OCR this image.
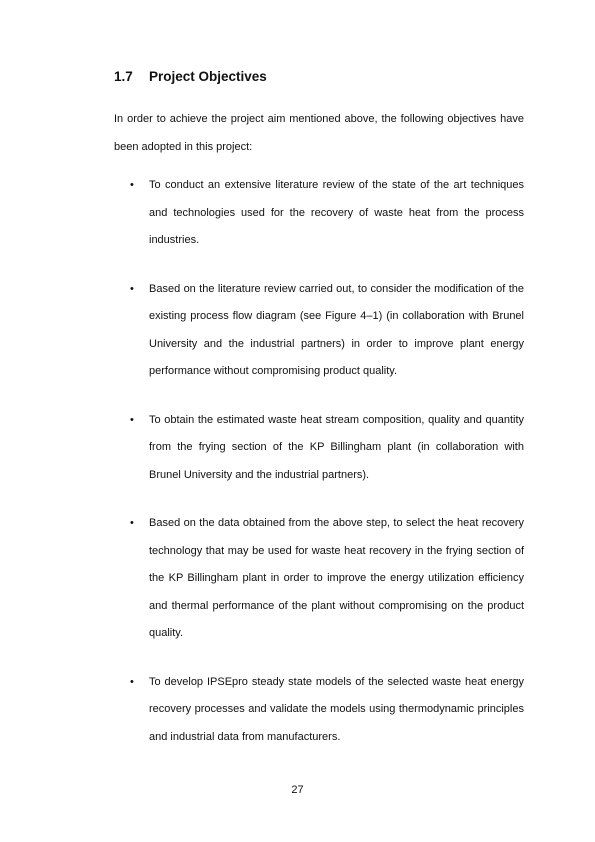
1.7	Project Objectives

In order to achieve the project aim mentioned above, the following objectives have been adopted in this project:

• To conduct an extensive literature review of the state of the art techniques and technologies used for the recovery of waste heat from the process industries.
• Based on the literature review carried out, to consider the modification of the existing process flow diagram (see Figure 4–1) (in collaboration with Brunel University and the industrial partners) in order to improve plant energy performance without compromising product quality.
• To obtain the estimated waste heat stream composition, quality and quantity from the frying section of the KP Billingham plant (in collaboration with Brunel University and the industrial partners).
• Based on the data obtained from the above step, to select the heat recovery technology that may be used for waste heat recovery in the frying section of the KP Billingham plant in order to improve the energy utilization efficiency and thermal performance of the plant without compromising on the product quality.
• To develop IPSEpro steady state models of the selected waste heat energy recovery processes and validate the models using thermodynamic principles and industrial data from manufacturers.
27
